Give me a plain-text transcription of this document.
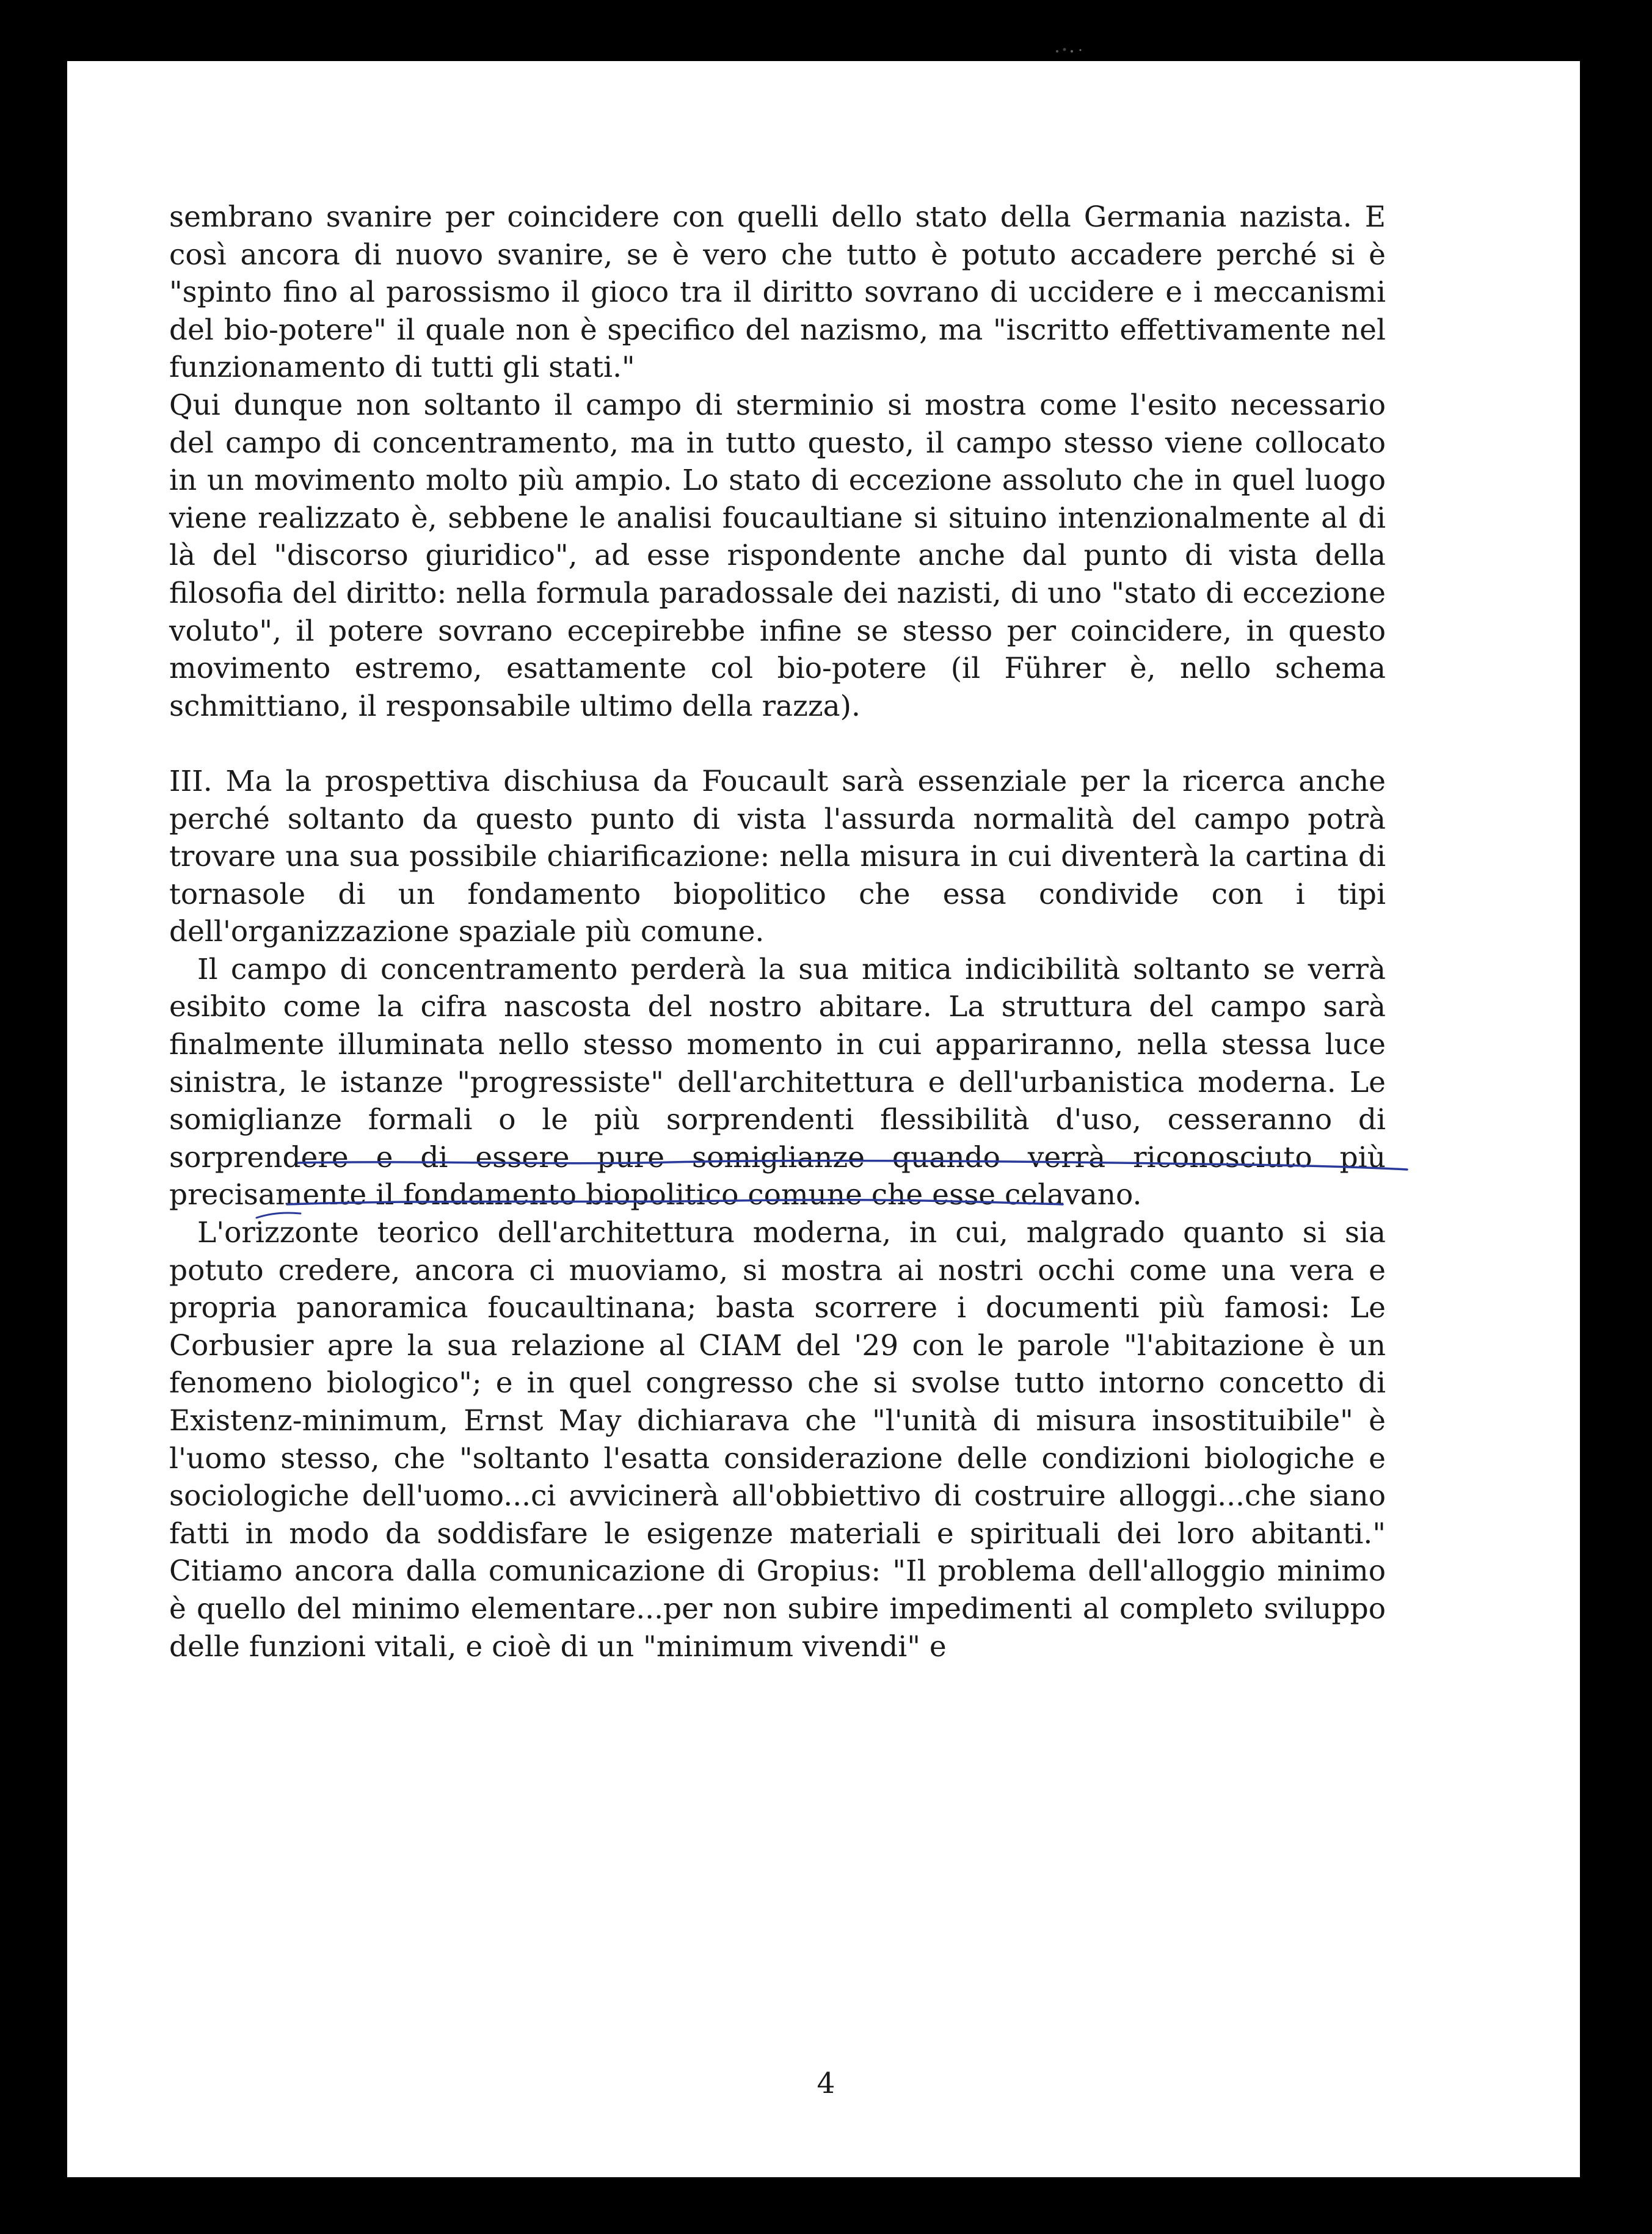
sembrano svanire per coincidere con quelli dello stato della Germania nazista. E così ancora di nuovo svanire, se è vero che tutto è potuto accadere perché si è "spinto fino al parossismo il gioco tra il diritto sovrano di uccidere e i meccanismi del bio-potere" il quale non è specifico del nazismo, ma "iscritto effettivamente nel funzionamento di tutti gli stati."

Qui dunque non soltanto il campo di sterminio si mostra come l'esito necessario del campo di concentramento, ma in tutto questo, il campo stesso viene collocato in un movimento molto più ampio. Lo stato di eccezione assoluto che in quel luogo viene realizzato è, sebbene le analisi foucaultiane si situino intenzionalmente al di là del "discorso giuridico", ad esse rispondente anche dal punto di vista della filosofia del diritto: nella formula paradossale dei nazisti, di uno "stato di eccezione voluto", il potere sovrano eccepirebbe infine se stesso per coincidere, in questo movimento estremo, esattamente col bio-potere (il Führer è, nello schema schmittiano, il responsabile ultimo della razza).

III. Ma la prospettiva dischiusa da Foucault sarà essenziale per la ricerca anche perché soltanto da questo punto di vista l'assurda normalità del campo potrà trovare una sua possibile chiarificazione: nella misura in cui diventerà la cartina di tornasole di un fondamento biopolitico che essa condivide con i tipi dell'organizzazione spaziale più comune.

Il campo di concentramento perderà la sua mitica indicibilità soltanto se verrà esibito come la cifra nascosta del nostro abitare. La struttura del campo sarà finalmente illuminata nello stesso momento in cui appariranno, nella stessa luce sinistra, le istanze "progressiste" dell'architettura e dell'urbanistica moderna. Le somiglianze formali o le più sorprendenti flessibilità d'uso, cesseranno di sorprendere e di essere pure somiglianze quando verrà riconosciuto più precisamente il fondamento biopolitico comune che esse celavano.

L'orizzonte teorico dell'architettura moderna, in cui, malgrado quanto si sia potuto credere, ancora ci muoviamo, si mostra ai nostri occhi come una vera e propria panoramica foucaultinana; basta scorrere i documenti più famosi: Le Corbusier apre la sua relazione al CIAM del '29 con le parole "l'abitazione è un fenomeno biologico"; e in quel congresso che si svolse tutto intorno concetto di Existenz-minimum, Ernst May dichiarava che "l'unità di misura insostituibile" è l'uomo stesso, che "soltanto l'esatta considerazione delle condizioni biologiche e sociologiche dell'uomo...ci avvicinerà all'obbiettivo di costruire alloggi...che siano fatti in modo da soddisfare le esigenze materiali e spirituali dei loro abitanti." Citiamo ancora dalla comunicazione di Gropius: "Il problema dell'alloggio minimo è quello del minimo elementare...per non subire impedimenti al completo sviluppo delle funzioni vitali, e cioè di un "minimum vivendi" e

4
